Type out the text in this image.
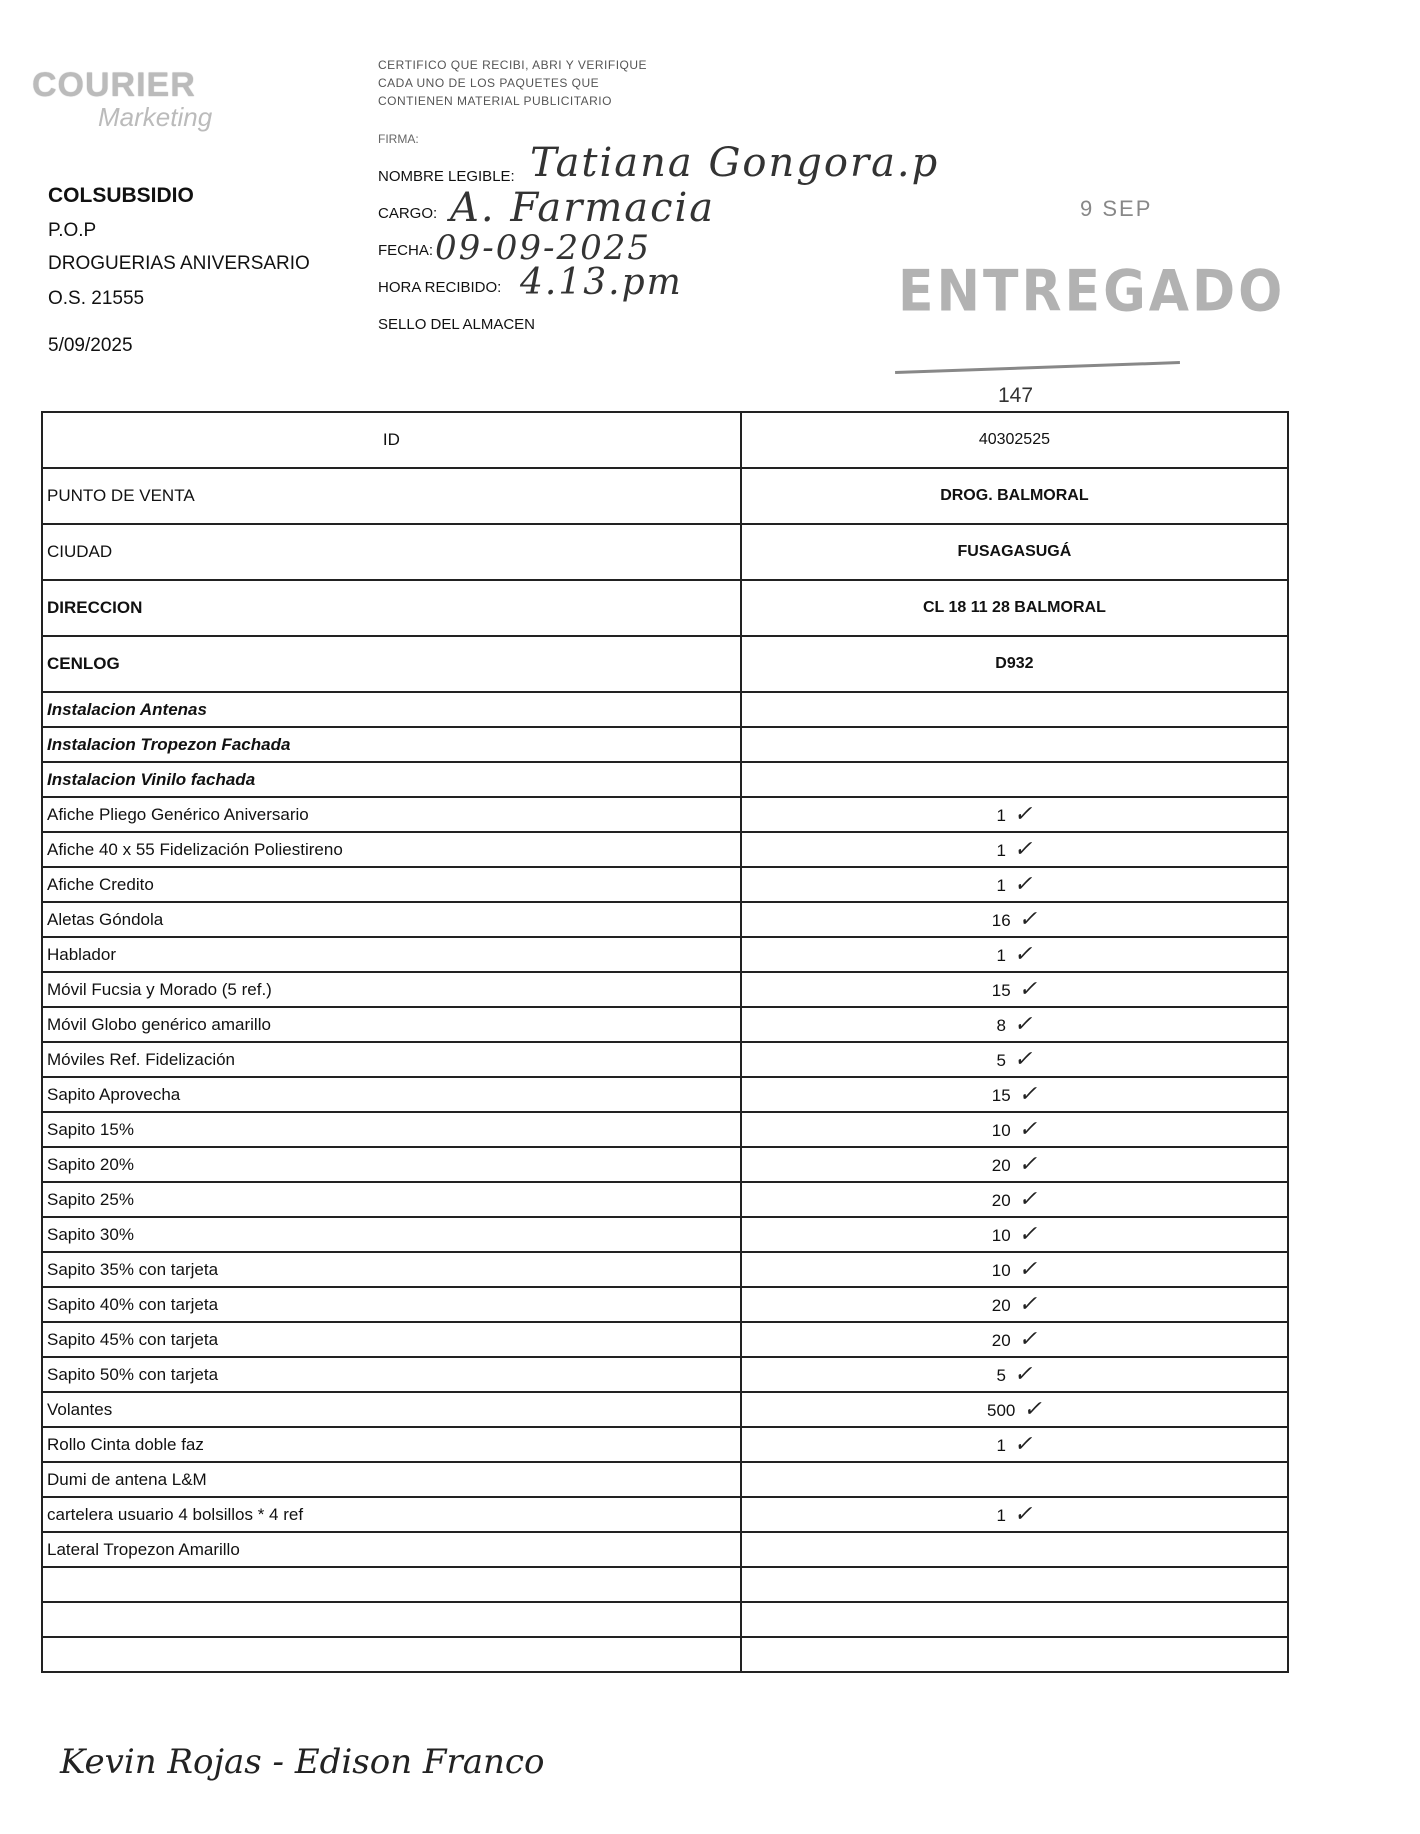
COURIER
Marketing
COLSUBSIDIO
P.O.P
DROGUERIAS ANIVERSARIO
O.S. 21555
5/09/2025
CERTIFICO QUE RECIBI, ABRI Y VERIFIQUE
CADA UNO DE LOS PAQUETES QUE
CONTIENEN MATERIAL PUBLICITARIO
FIRMA:
NOMBRE LEGIBLE: Tatiana Gongora.p
CARGO: A. Farmacia
FECHA: 09-09-2025
HORA RECIBIDO: 4.13.pm
SELLO DEL ALMACEN
9 SEP
ENTREGADO
147
ID	40302525
PUNTO DE VENTA	DROG. BALMORAL
CIUDAD	FUSAGASUGÁ
DIRECCION	CL 18 11 28 BALMORAL
CENLOG	D932
Instalacion Antenas	
Instalacion Tropezon Fachada	
Instalacion Vinilo fachada	
Afiche Pliego Genérico Aniversario	1 ✓
Afiche 40 x 55 Fidelización Poliestireno	1 ✓
Afiche Credito	1 ✓
Aletas Góndola	16 ✓
Hablador	1 ✓
Móvil Fucsia y Morado (5 ref.)	15 ✓
Móvil Globo genérico amarillo	8 ✓
Móviles Ref. Fidelización	5 ✓
Sapito Aprovecha	15 ✓
Sapito 15%	10 ✓
Sapito 20%	20 ✓
Sapito 25%	20 ✓
Sapito 30%	10 ✓
Sapito 35% con tarjeta	10 ✓
Sapito 40% con tarjeta	20 ✓
Sapito 45% con tarjeta	20 ✓
Sapito 50% con tarjeta	5 ✓
Volantes	500 ✓
Rollo Cinta doble faz	1 ✓
Dumi de antena L&M	
cartelera usuario 4 bolsillos * 4 ref	1 ✓
Lateral Tropezon Amarillo	

Kevin Rojas - Edison Franco
